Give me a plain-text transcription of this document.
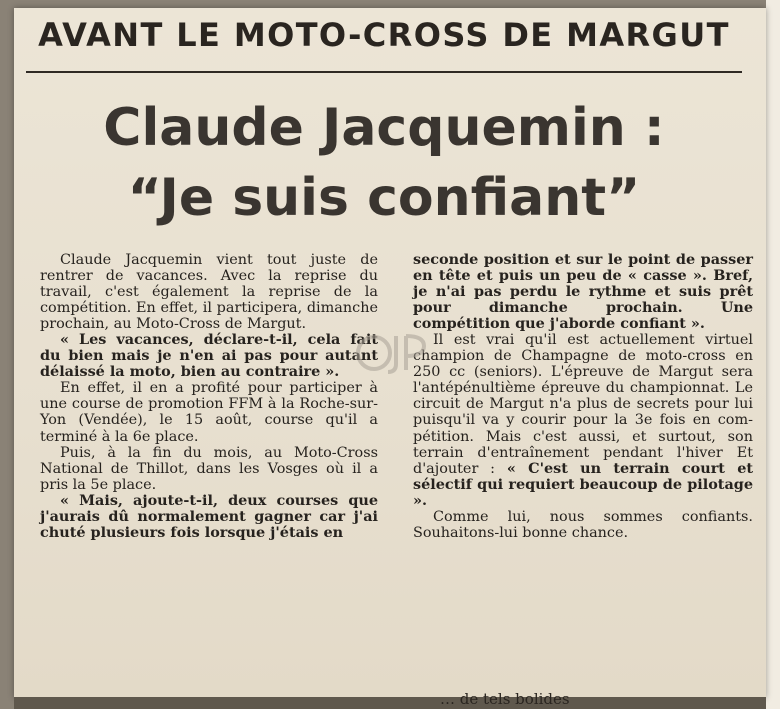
AVANT LE MOTO-CROSS DE MARGUT
Claude Jacquemin :
“Je suis confiant”

Claude Jacquemin vient tout juste de rentrer de vacances. Avec la reprise du travail, c'est également la reprise de la compétition. En effet, il participera, dimanche prochain, au Moto-Cross de Margut.

« Les vacances, déclare-t-il, cela fait du bien mais je n'en ai pas pour autant délaissé la moto, bien au contraire ».

En effet, il en a profité pour participer à une course de promotion FFM à la Roche-sur-Yon (Vendée), le 15 août, course qu'il a terminé à la 6e place.

Puis, à la fin du mois, au Moto-Cross National de Thillot, dans les Vosges où il a pris la 5e place.

« Mais, ajoute-t-il, deux courses que j'aurais dû normalement gagner car j'ai chuté plusieurs fois lorsque j'étais en

seconde position et sur le point de passer en tête et puis un peu de « casse ». Bref, je n'ai pas perdu le rythme et suis prêt pour dimanche prochain. Une compétition que j'aborde confiant ».

Il est vrai qu'il est actuellement virtuel champion de Champagne de moto-cross en 250 cc (seniors). L'épreuve de Margut sera l'antépénultième épreuve du championnat. Le circuit de Margut n'a plus de secrets pour lui puisqu'il va y courir pour la 3e fois en compétition. Mais c'est aussi, et surtout, son terrain d'entraînement pendant l'hiver Et d'ajouter : « C'est un terrain court et sélectif qui requiert beaucoup de pilotage ».

Comme lui, nous sommes confiants. Souhaitons-lui bonne chance.

… de tels bolides
